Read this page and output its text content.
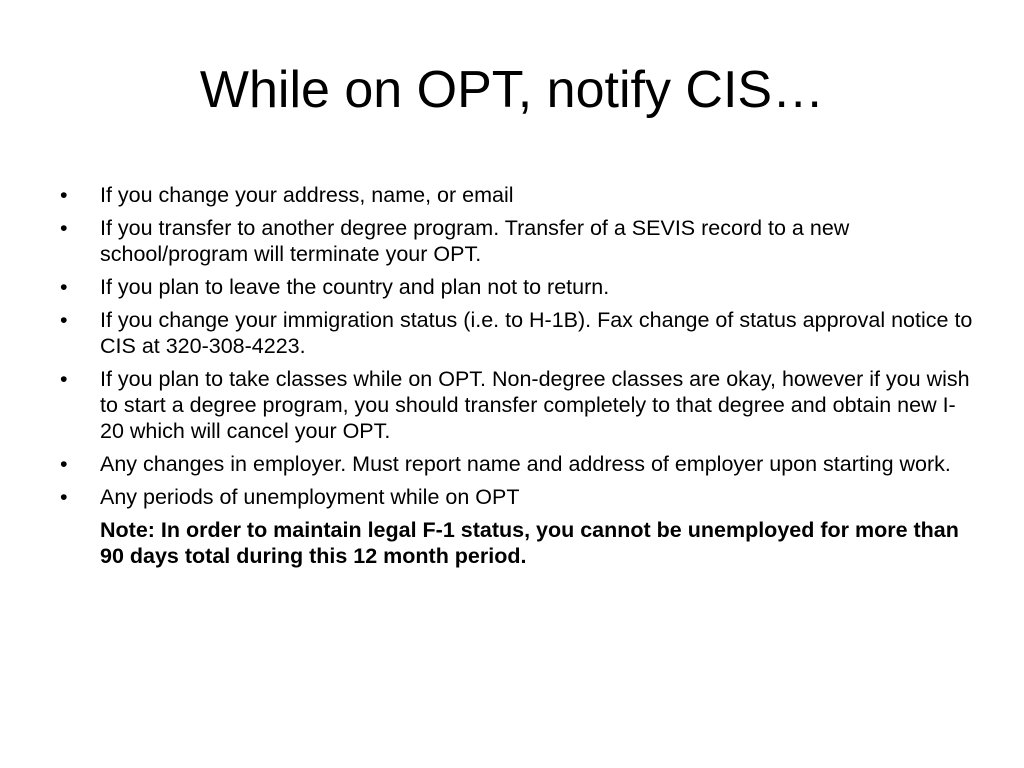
While on OPT, notify CIS…
•	If you change your address, name, or email
•	If you transfer to another degree program. Transfer of a SEVIS record to a new school/program will terminate your OPT.
•	If you plan to leave the country and plan not to return.
•	If you change your immigration status (i.e. to H-1B). Fax change of status approval notice to CIS at 320-308-4223.
•	If you plan to take classes while on OPT. Non-degree classes are okay, however if you wish to start a degree program, you should transfer completely to that degree and obtain new I-20 which will cancel your OPT.
•	Any changes in employer. Must report name and address of employer upon starting work.
•	Any periods of unemployment while on OPT
Note: In order to maintain legal F-1 status, you cannot be unemployed for more than 90 days total during this 12 month period.
